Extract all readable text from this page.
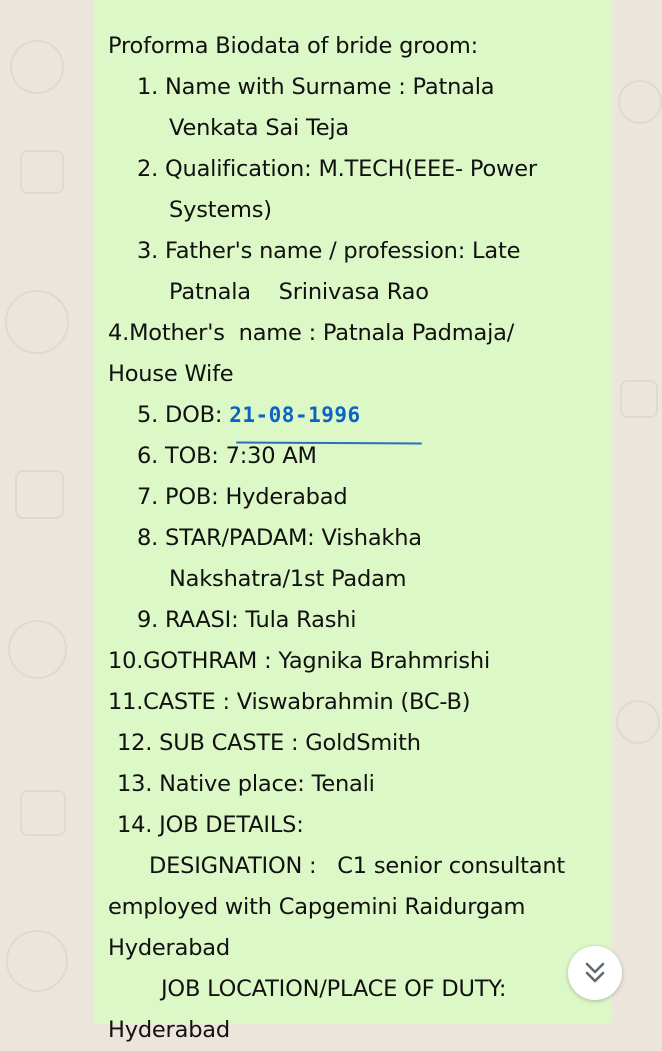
Proforma Biodata of bride groom:
1. Name with Surname : Patnala
Venkata Sai Teja
2. Qualification: M.TECH(EEE- Power
Systems)
3. Father's name / profession: Late
Patnala    Srinivasa Rao
4.Mother's  name : Patnala Padmaja/
House Wife
5. DOB: 21-08-1996
6. TOB: 7:30 AM
7. POB: Hyderabad
8. STAR/PADAM: Vishakha
Nakshatra/1st Padam
9. RAASI: Tula Rashi
10.GOTHRAM : Yagnika Brahmrishi
11.CASTE : Viswabrahmin (BC-B)
12. SUB CASTE : GoldSmith
13. Native place: Tenali
14. JOB DETAILS:
DESIGNATION :   C1 senior consultant
employed with Capgemini Raidurgam
Hyderabad
JOB LOCATION/PLACE OF DUTY:
Hyderabad
